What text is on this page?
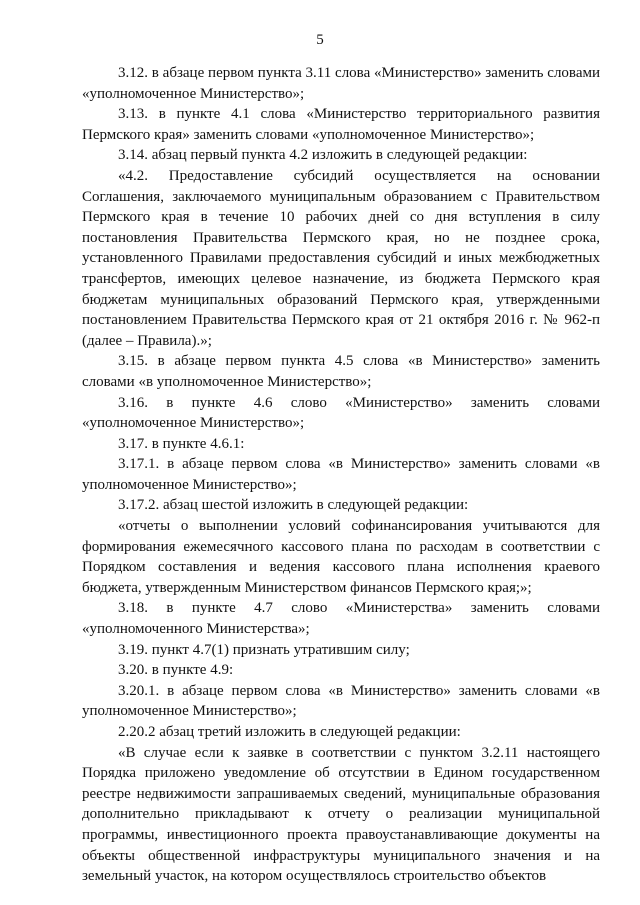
5

3.12. в абзаце первом пункта 3.11 слова «Министерство» заменить словами «уполномоченное Министерство»;

3.13. в пункте 4.1 слова «Министерство территориального развития Пермского края» заменить словами «уполномоченное Министерство»;

3.14. абзац первый пункта 4.2 изложить в следующей редакции:

«4.2. Предоставление субсидий осуществляется на основании Соглашения, заключаемого муниципальным образованием с Правительством Пермского края в течение 10 рабочих дней со дня вступления в силу постановления Правительства Пермского края, но не позднее срока, установленного Правилами предоставления субсидий и иных межбюджетных трансфертов, имеющих целевое назначение, из бюджета Пермского края бюджетам муниципальных образований Пермского края, утвержденными постановлением Правительства Пермского края от 21 октября 2016 г. № 962-п (далее – Правила).»;

3.15. в абзаце первом пункта 4.5 слова «в Министерство» заменить словами «в уполномоченное Министерство»;

3.16. в пункте 4.6 слово «Министерство» заменить словами «уполномоченное Министерство»;

3.17. в пункте 4.6.1:

3.17.1. в абзаце первом слова «в Министерство» заменить словами «в уполномоченное Министерство»;

3.17.2. абзац шестой изложить в следующей редакции:

«отчеты о выполнении условий софинансирования учитываются для формирования ежемесячного кассового плана по расходам в соответствии с Порядком составления и ведения кассового плана исполнения краевого бюджета, утвержденным Министерством финансов Пермского края;»;

3.18. в пункте 4.7 слово «Министерства» заменить словами «уполномоченного Министерства»;

3.19. пункт 4.7(1) признать утратившим силу;

3.20. в пункте 4.9:

3.20.1. в абзаце первом слова «в Министерство» заменить словами «в уполномоченное Министерство»;

2.20.2 абзац третий изложить в следующей редакции:

«В случае если к заявке в соответствии с пунктом 3.2.11 настоящего Порядка приложено уведомление об отсутствии в Едином государственном реестре недвижимости запрашиваемых сведений, муниципальные образования дополнительно прикладывают к отчету о реализации муниципальной программы, инвестиционного проекта правоустанавливающие документы на объекты общественной инфраструктуры муниципального значения и на земельный участок, на котором осуществлялось строительство объектов
